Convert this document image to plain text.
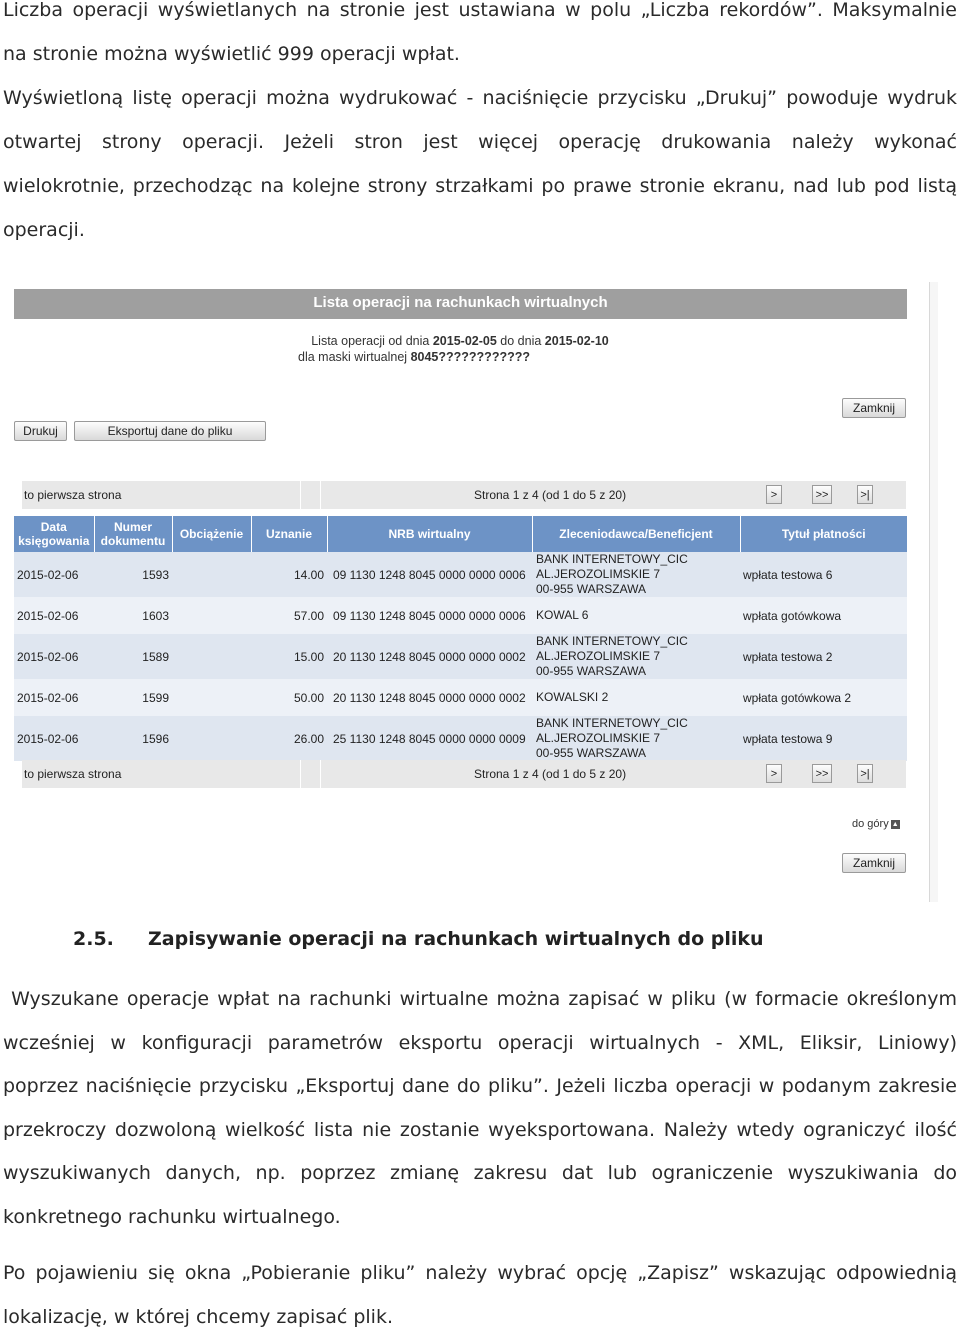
Liczba operacji wyświetlanych na stronie jest ustawiana w polu „Liczba rekordów”. Maksymalnie
na stronie można wyświetlić 999 operacji wpłat.
Wyświetloną listę operacji można wydrukować - naciśnięcie przycisku „Drukuj” powoduje wydruk
otwartej strony operacji. Jeżeli stron jest więcej operację drukowania należy wykonać
wielokrotnie, przechodząc na kolejne strony strzałkami po prawe stronie ekranu, nad lub pod listą
operacji.
Lista operacji na rachunkach wirtualnych
Lista operacji od dnia 2015-02-05 do dnia 2015-02-10
dla maski wirtualnej 8045????????????
Zamknij
Drukuj	Eksportuj dane do pliku
to pierwsza strona	Strona 1 z 4 (od 1 do 5 z 20)	>	>>	>|
Data księgowania	Numer dokumentu	Obciążenie	Uznanie	NRB wirtualny	Zleceniodawca/Beneficjent	Tytuł płatności
2015-02-06	1593		14.00	09 1130 1248 8045 0000 0000 0006	BANK INTERNETOWY_CIC
AL.JEROZOLIMSKIE 7
00-955 WARSZAWA	wpłata testowa 6
2015-02-06	1603		57.00	09 1130 1248 8045 0000 0000 0006	KOWAL 6	wpłata gotówkowa
2015-02-06	1589		15.00	20 1130 1248 8045 0000 0000 0002	BANK INTERNETOWY_CIC
AL.JEROZOLIMSKIE 7
00-955 WARSZAWA	wpłata testowa 2
2015-02-06	1599		50.00	20 1130 1248 8045 0000 0000 0002	KOWALSKI 2	wpłata gotówkowa 2
2015-02-06	1596		26.00	25 1130 1248 8045 0000 0000 0009	BANK INTERNETOWY_CIC
AL.JEROZOLIMSKIE 7
00-955 WARSZAWA	wpłata testowa 9
to pierwsza strona	Strona 1 z 4 (od 1 do 5 z 20)	>	>>	>|
do góry ▲
Zamknij
2.5. Zapisywanie operacji na rachunkach wirtualnych do pliku
Wyszukane operacje wpłat na rachunki wirtualne można zapisać w pliku (w formacie określonym
wcześniej w konfiguracji parametrów eksportu operacji wirtualnych - XML, Eliksir, Liniowy)
poprzez naciśnięcie przycisku „Eksportuj dane do pliku”. Jeżeli liczba operacji w podanym zakresie
przekroczy dozwoloną wielkość lista nie zostanie wyeksportowana. Należy wtedy ograniczyć ilość
wyszukiwanych danych, np. poprzez zmianę zakresu dat lub ograniczenie wyszukiwania do
konkretnego rachunku wirtualnego.
Po pojawieniu się okna „Pobieranie pliku” należy wybrać opcję „Zapisz” wskazując odpowiednią
lokalizację, w której chcemy zapisać plik.
